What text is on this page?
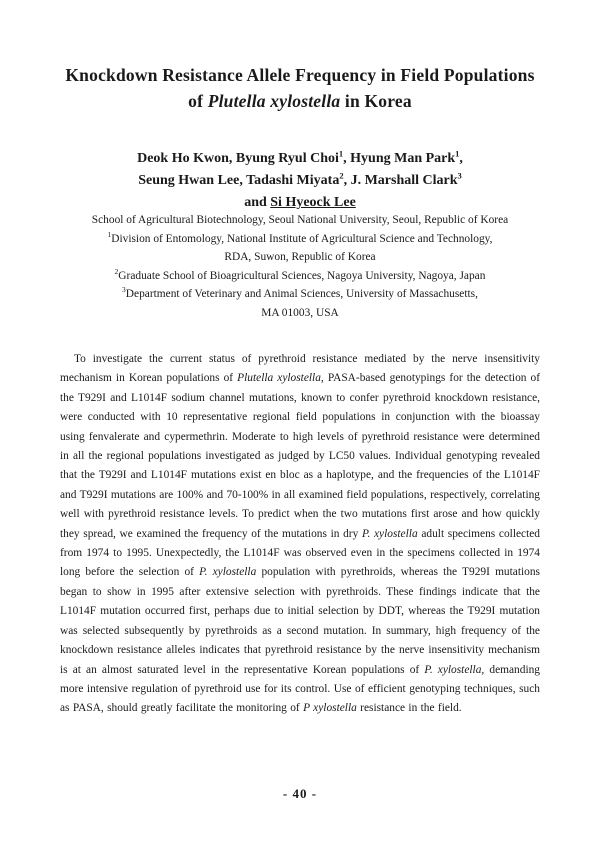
Knockdown Resistance Allele Frequency in Field Populations
of Plutella xylostella in Korea
Deok Ho Kwon, Byung Ryul Choi$^1$, Hyung Man Park$^1$,
Seung Hwan Lee, Tadashi Miyata$^2$, J. Marshall Clark$^3$
and Si Hyeock Lee
School of Agricultural Biotechnology, Seoul National University, Seoul, Republic of Korea
$^1$Division of Entomology, National Institute of Agricultural Science and Technology,
RDA, Suwon, Republic of Korea
$^2$Graduate School of Bioagricultural Sciences, Nagoya University, Nagoya, Japan
$^3$Department of Veterinary and Animal Sciences, University of Massachusetts,
MA 01003, USA

To investigate the current status of pyrethroid resistance mediated by the nerve insensitivity mechanism in Korean populations of Plutella xylostella, PASA-based genotypings for the detection of the T929I and L1014F sodium channel mutations, known to confer pyrethroid knockdown resistance, were conducted with 10 representative regional field populations in conjunction with the bioassay using fenvalerate and cypermethrin. Moderate to high levels of pyrethroid resistance were determined in all the regional populations investigated as judged by LC50 values. Individual genotyping revealed that the T929I and L1014F mutations exist en bloc as a haplotype, and the frequencies of the L1014F and T929I mutations are 100% and 70-100% in all examined field populations, respectively, correlating well with pyrethroid resistance levels. To predict when the two mutations first arose and how quickly they spread, we examined the frequency of the mutations in dry P. xylostella adult specimens collected from 1974 to 1995. Unexpectedly, the L1014F was observed even in the specimens collected in 1974 long before the selection of P. xylostella population with pyrethroids, whereas the T929I mutations began to show in 1995 after extensive selection with pyrethroids. These findings indicate that the L1014F mutation occurred first, perhaps due to initial selection by DDT, whereas the T929I mutation was selected subsequently by pyrethroids as a second mutation. In summary, high frequency of the knockdown resistance alleles indicates that pyrethroid resistance by the nerve insensitivity mechanism is at an almost saturated level in the representative Korean populations of P. xylostella, demanding more intensive regulation of pyrethroid use for its control. Use of efficient genotyping techniques, such as PASA, should greatly facilitate the monitoring of P xylostella resistance in the field.

- 40 -
